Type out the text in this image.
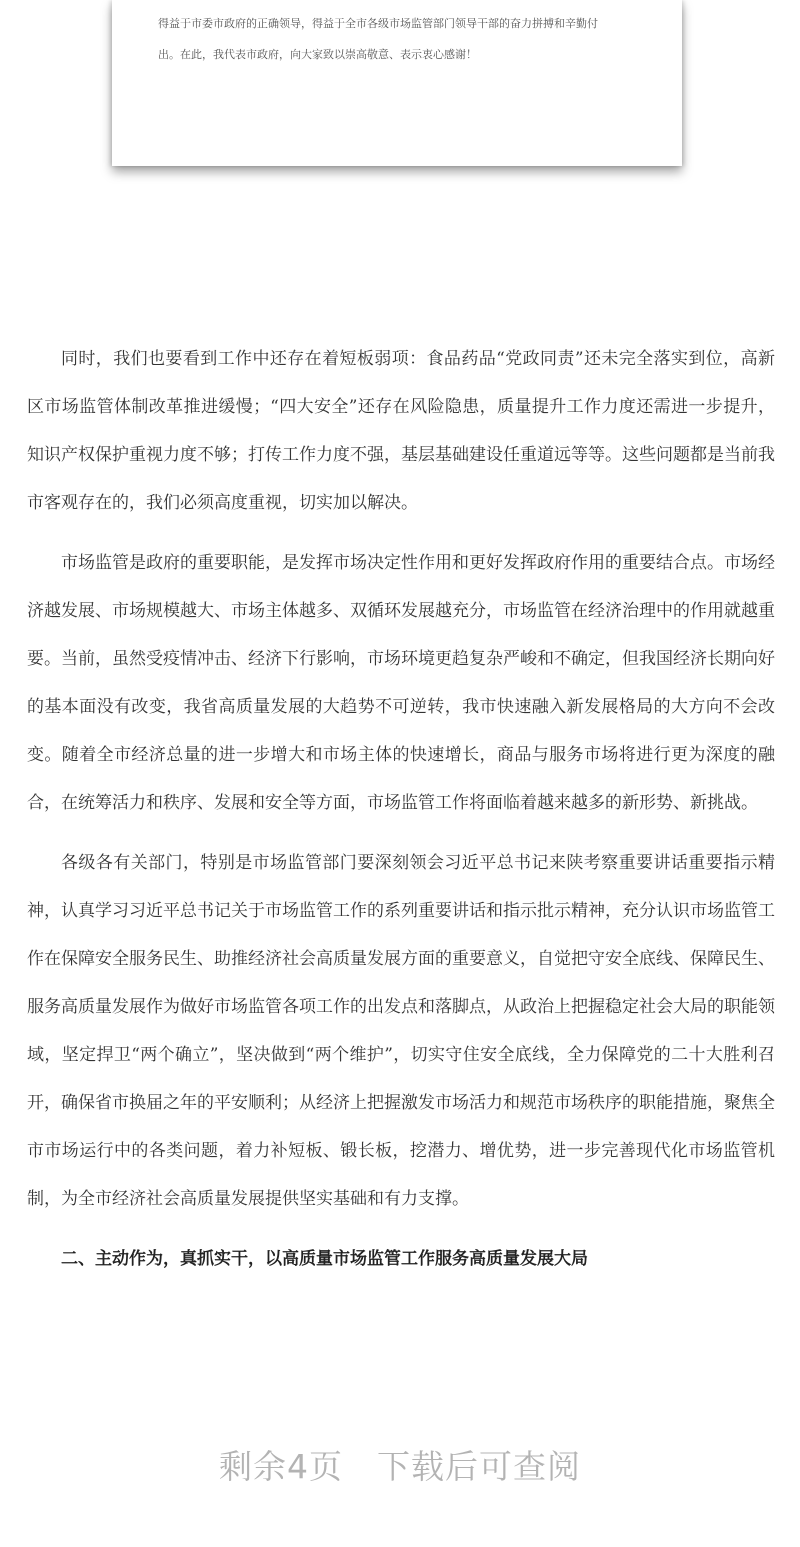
得益于市委市政府的正确领导，得益于全市各级市场监管部门领导干部的奋力拼搏和辛勤付
出。在此，我代表市政府，向大家致以崇高敬意、表示衷心感谢！

同时，我们也要看到工作中还存在着短板弱项：食品药品“党政同责”还未完全落实到位，高新区市场监管体制改革推进缓慢；“四大安全”还存在风险隐患，质量提升工作力度还需进一步提升，知识产权保护重视力度不够；打传工作力度不强，基层基础建设任重道远等等。这些问题都是当前我市客观存在的，我们必须高度重视，切实加以解决。

市场监管是政府的重要职能，是发挥市场决定性作用和更好发挥政府作用的重要结合点。市场经济越发展、市场规模越大、市场主体越多、双循环发展越充分，市场监管在经济治理中的作用就越重要。当前，虽然受疫情冲击、经济下行影响，市场环境更趋复杂严峻和不确定，但我国经济长期向好的基本面没有改变，我省高质量发展的大趋势不可逆转，我市快速融入新发展格局的大方向不会改变。随着全市经济总量的进一步增大和市场主体的快速增长，商品与服务市场将进行更为深度的融合，在统筹活力和秩序、发展和安全等方面，市场监管工作将面临着越来越多的新形势、新挑战。

各级各有关部门，特别是市场监管部门要深刻领会习近平总书记来陕考察重要讲话重要指示精神，认真学习习近平总书记关于市场监管工作的系列重要讲话和指示批示精神，充分认识市场监管工作在保障安全服务民生、助推经济社会高质量发展方面的重要意义，自觉把守安全底线、保障民生、服务高质量发展作为做好市场监管各项工作的出发点和落脚点，从政治上把握稳定社会大局的职能领域，坚定捍卫“两个确立”，坚决做到“两个维护”，切实守住安全底线，全力保障党的二十大胜利召开，确保省市换届之年的平安顺利；从经济上把握激发市场活力和规范市场秩序的职能措施，聚焦全市市场运行中的各类问题，着力补短板、锻长板，挖潜力、增优势，进一步完善现代化市场监管机制，为全市经济社会高质量发展提供坚实基础和有力支撑。

二、主动作为，真抓实干，以高质量市场监管工作服务高质量发展大局

剩余4页　下载后可查阅
